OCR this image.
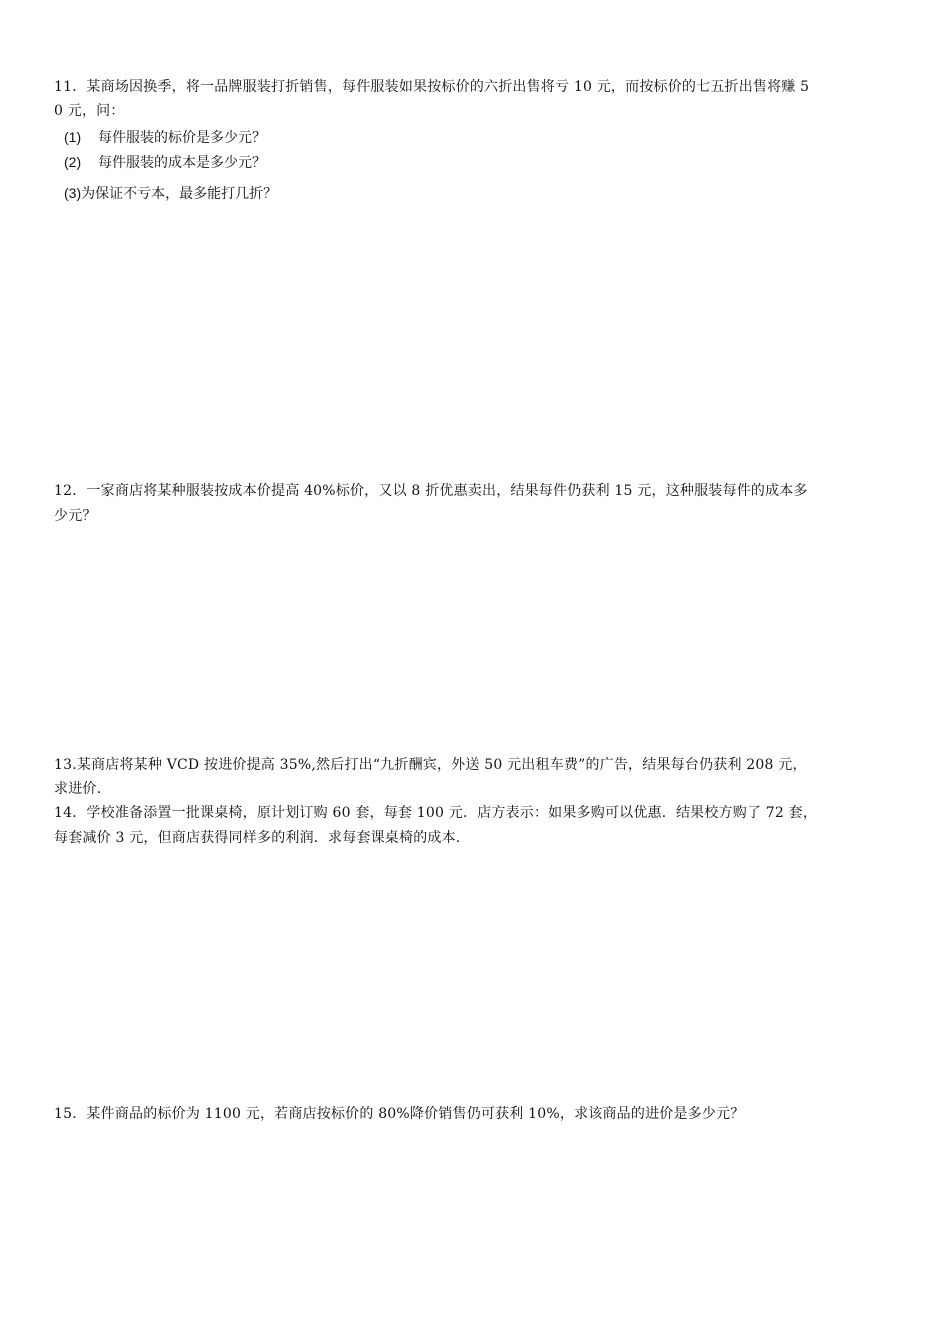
11．某商场因换季，将一品牌服装打折销售，每件服装如果按标价的六折出售将亏 10 元，而按标价的七五折出售将赚 5
0 元，问：
(1) 每件服装的标价是多少元？
(2) 每件服装的成本是多少元？
(3)为保证不亏本，最多能打几折？
12．一家商店将某种服装按成本价提高 40%标价，又以 8 折优惠卖出，结果每件仍获利 15 元，这种服装每件的成本多
少元？
13.某商店将某种 VCD 按进价提高 35%,然后打出“九折酬宾，外送 50 元出租车费”的广告，结果每台仍获利 208 元，
求进价.
14．学校准备添置一批课桌椅，原计划订购 60 套，每套 100 元．店方表示：如果多购可以优惠．结果校方购了 72 套，
每套减价 3 元，但商店获得同样多的利润．求每套课桌椅的成本.
15．某件商品的标价为 1100 元，若商店按标价的 80%降价销售仍可获利 10%，求该商品的进价是多少元？
